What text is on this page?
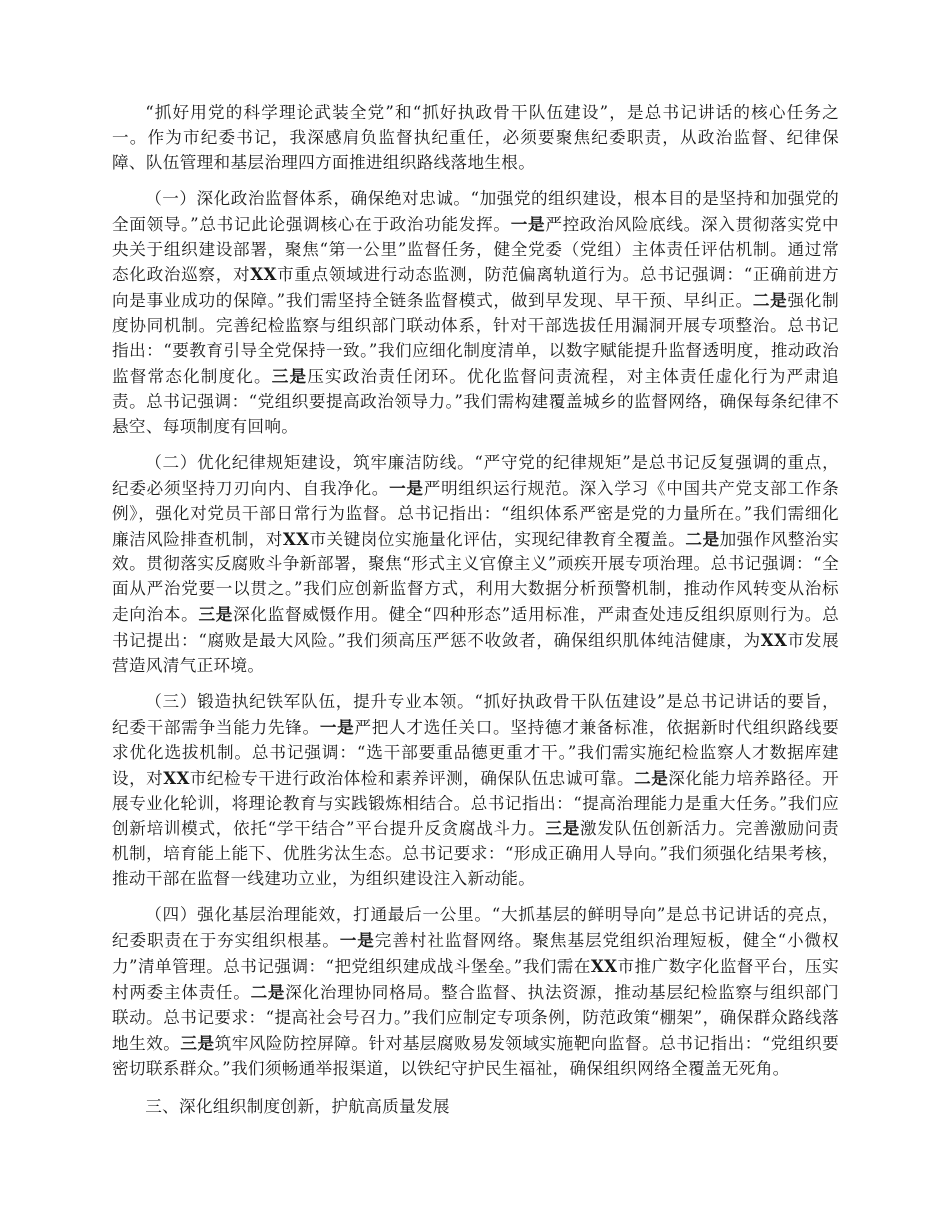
“抓好用党的科学理论武装全党”和“抓好执政骨干队伍建设”，是总书记讲话的核心任务之一。作为市纪委书记，我深感肩负监督执纪重任，必须要聚焦纪委职责，从政治监督、纪律保障、队伍管理和基层治理四方面推进组织路线落地生根。

（一）深化政治监督体系，确保绝对忠诚。“加强党的组织建设，根本目的是坚持和加强党的全面领导。”总书记此论强调核心在于政治功能发挥。一是严控政治风险底线。深入贯彻落实党中央关于组织建设部署，聚焦“第一公里”监督任务，健全党委（党组）主体责任评估机制。通过常态化政治巡察，对XX市重点领域进行动态监测，防范偏离轨道行为。总书记强调：“正确前进方向是事业成功的保障。”我们需坚持全链条监督模式，做到早发现、早干预、早纠正。二是强化制度协同机制。完善纪检监察与组织部门联动体系，针对干部选拔任用漏洞开展专项整治。总书记指出：“要教育引导全党保持一致。”我们应细化制度清单，以数字赋能提升监督透明度，推动政治监督常态化制度化。三是压实政治责任闭环。优化监督问责流程，对主体责任虚化行为严肃追责。总书记强调：“党组织要提高政治领导力。”我们需构建覆盖城乡的监督网络，确保每条纪律不悬空、每项制度有回响。

（二）优化纪律规矩建设，筑牢廉洁防线。“严守党的纪律规矩”是总书记反复强调的重点，纪委必须坚持刀刃向内、自我净化。一是严明组织运行规范。深入学习《中国共产党支部工作条例》，强化对党员干部日常行为监督。总书记指出：“组织体系严密是党的力量所在。”我们需细化廉洁风险排查机制，对XX市关键岗位实施量化评估，实现纪律教育全覆盖。二是加强作风整治实效。贯彻落实反腐败斗争新部署，聚焦“形式主义官僚主义”顽疾开展专项治理。总书记强调：“全面从严治党要一以贯之。”我们应创新监督方式，利用大数据分析预警机制，推动作风转变从治标走向治本。三是深化监督威慑作用。健全“四种形态”适用标准，严肃查处违反组织原则行为。总书记提出：“腐败是最大风险。”我们须高压严惩不收敛者，确保组织肌体纯洁健康，为XX市发展营造风清气正环境。

（三）锻造执纪铁军队伍，提升专业本领。“抓好执政骨干队伍建设”是总书记讲话的要旨，纪委干部需争当能力先锋。一是严把人才选任关口。坚持德才兼备标准，依据新时代组织路线要求优化选拔机制。总书记强调：“选干部要重品德更重才干。”我们需实施纪检监察人才数据库建设，对XX市纪检专干进行政治体检和素养评测，确保队伍忠诚可靠。二是深化能力培养路径。开展专业化轮训，将理论教育与实践锻炼相结合。总书记指出：“提高治理能力是重大任务。”我们应创新培训模式，依托“学干结合”平台提升反贪腐战斗力。三是激发队伍创新活力。完善激励问责机制，培育能上能下、优胜劣汰生态。总书记要求：“形成正确用人导向。”我们须强化结果考核，推动干部在监督一线建功立业，为组织建设注入新动能。

（四）强化基层治理能效，打通最后一公里。“大抓基层的鲜明导向”是总书记讲话的亮点，纪委职责在于夯实组织根基。一是完善村社监督网络。聚焦基层党组织治理短板，健全“小微权力”清单管理。总书记强调：“把党组织建成战斗堡垒。”我们需在XX市推广数字化监督平台，压实村两委主体责任。二是深化治理协同格局。整合监督、执法资源，推动基层纪检监察与组织部门联动。总书记要求：“提高社会号召力。”我们应制定专项条例，防范政策“棚架”，确保群众路线落地生效。三是筑牢风险防控屏障。针对基层腐败易发领域实施靶向监督。总书记指出：“党组织要密切联系群众。”我们须畅通举报渠道，以铁纪守护民生福祉，确保组织网络全覆盖无死角。

三、深化组织制度创新，护航高质量发展
